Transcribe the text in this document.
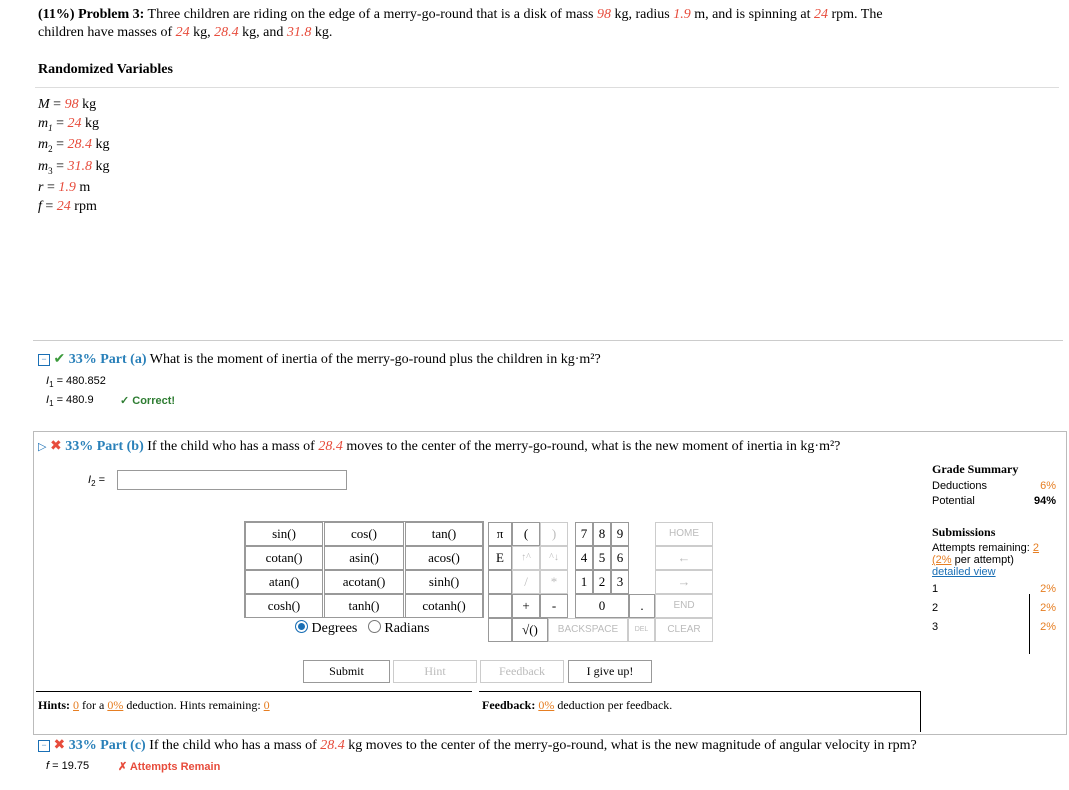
(11%) Problem 3: Three children are riding on the edge of a merry-go-round that is a disk of mass 98 kg, radius 1.9 m, and is spinning at 24 rpm. The
children have masses of 24 kg, 28.4 kg, and 31.8 kg.
Randomized Variables
M = 98 kg
$m_1 = 24$ kg
$m_2 = 28.4$ kg
$m_3 = 31.8$ kg
r = 1.9 m
f = 24 rpm
− ✔ 33% Part (a) What is the moment of inertia of the merry-go-round plus the children in kg·m²?
$I_1 = 480.852$
$I_1 = 480.9$ ✓ Correct!
▷ ✖ 33% Part (b) If the child who has a mass of 28.4 moves to the center of the merry-go-round, what is the new moment of inertia in kg·m²?
$I_2$ =
sin()	cos()	tan()
cotan()	asin()	acos()
atan()	acotan()	sinh()
cosh()	tanh()	cotanh()
Degrees Radians
π	(	)	7 8 9	HOME
E	↑^	^↓	4 5 6	←
/	*	1 2 3	→
+	-	0	.	END
√()	BACKSPACE	DEL	CLEAR
Submit	Hint	Feedback	I give up!
Hints: 0 for a 0% deduction. Hints remaining: 0	Feedback: 0% deduction per feedback.
Grade Summary
Deductions	6%
Potential	94%
Submissions
Attempts remaining: 2
(2% per attempt)
detailed view
1	2%
2	2%
3	2%
− ✖ 33% Part (c) If the child who has a mass of 28.4 kg moves to the center of the merry-go-round, what is the new magnitude of angular velocity in rpm?
f = 19.75	✗ Attempts Remain
